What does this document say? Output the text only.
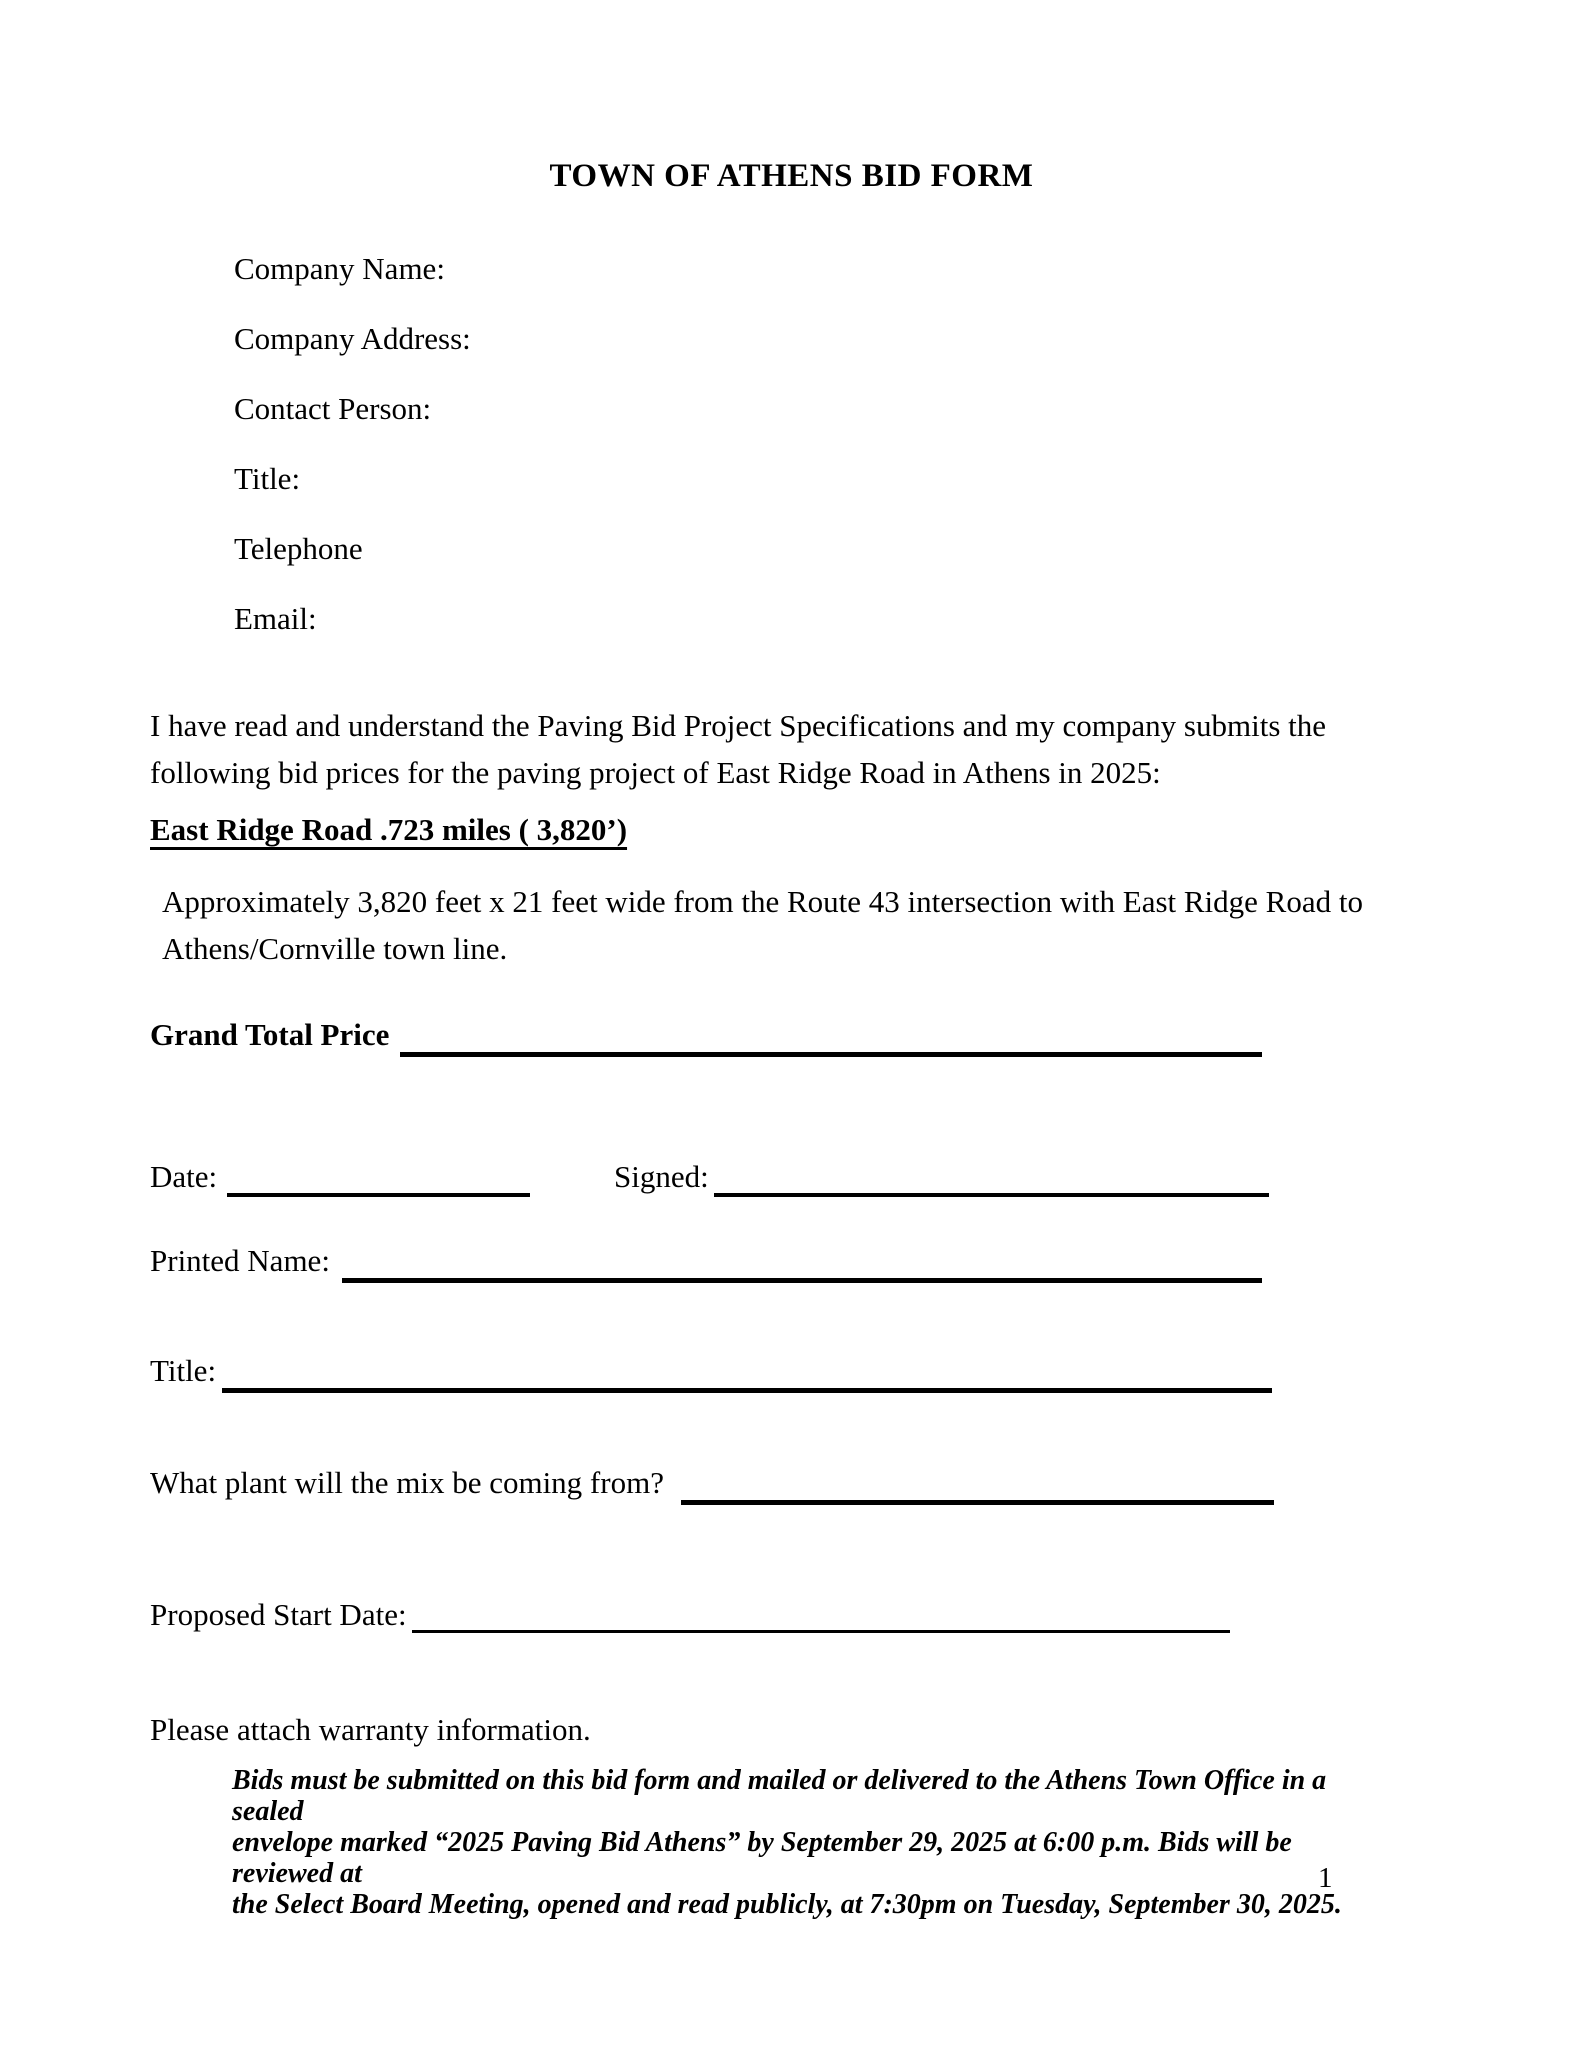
TOWN OF ATHENS BID FORM
Company Name:
Company Address:
Contact Person:
Title:
Telephone
Email:
I have read and understand the Paving Bid Project Specifications and my company submits the
following bid prices for the paving project of East Ridge Road in Athens in 2025:
East Ridge Road .723 miles ( 3,820’)
Approximately 3,820 feet x 21 feet wide from the Route 43 intersection with East Ridge Road to
Athens/Cornville town line.
Grand Total Price
Date:	Signed:
Printed Name:
Title:
What plant will the mix be coming from?
Proposed Start Date:
Please attach warranty information.
Bids must be submitted on this bid form and mailed or delivered to the Athens Town Office in a sealed
envelope marked “2025 Paving Bid Athens” by September 29, 2025 at 6:00 p.m. Bids will be reviewed at
the Select Board Meeting, opened and read publicly, at 7:30pm on Tuesday, September 30, 2025.
1
